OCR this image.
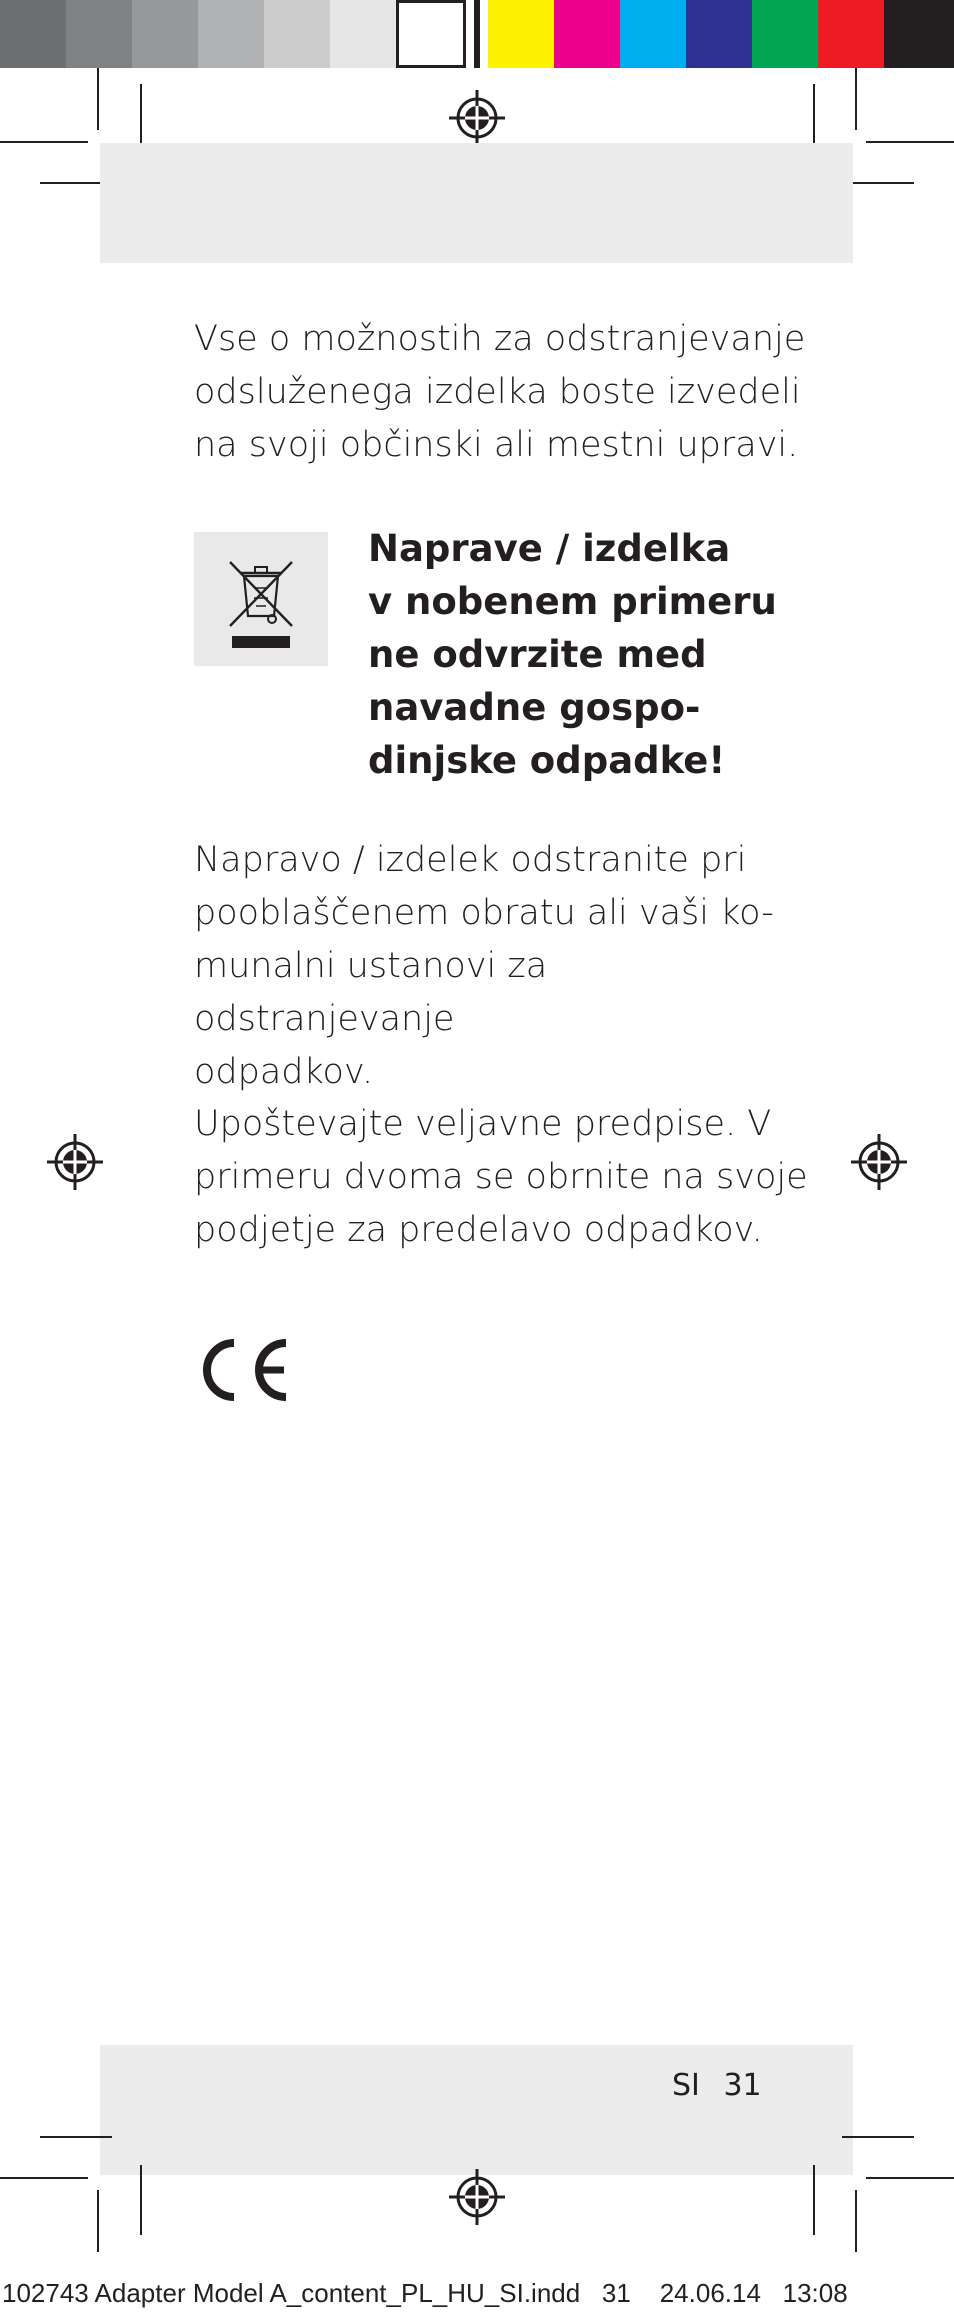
Vse o možnostih za odstranjevanje
odsluženega izdelka boste izvedeli
na svoji občinski ali mestni upravi.

Naprave / izdelka
v nobenem primeru
ne odvrzite med
navadne gospo-
dinjske odpadke!

Napravo / izdelek odstranite pri
pooblaščenem obratu ali vaši ko-
munalni ustanovi za odstranjevanje
odpadkov.

Upoštevajte veljavne predpise. V
primeru dvoma se obrnite na svoje
podjetje za predelavo odpadkov.

SI 31
102743 Adapter Model A_content_PL_HU_SI.indd 31 24.06.14 13:08
